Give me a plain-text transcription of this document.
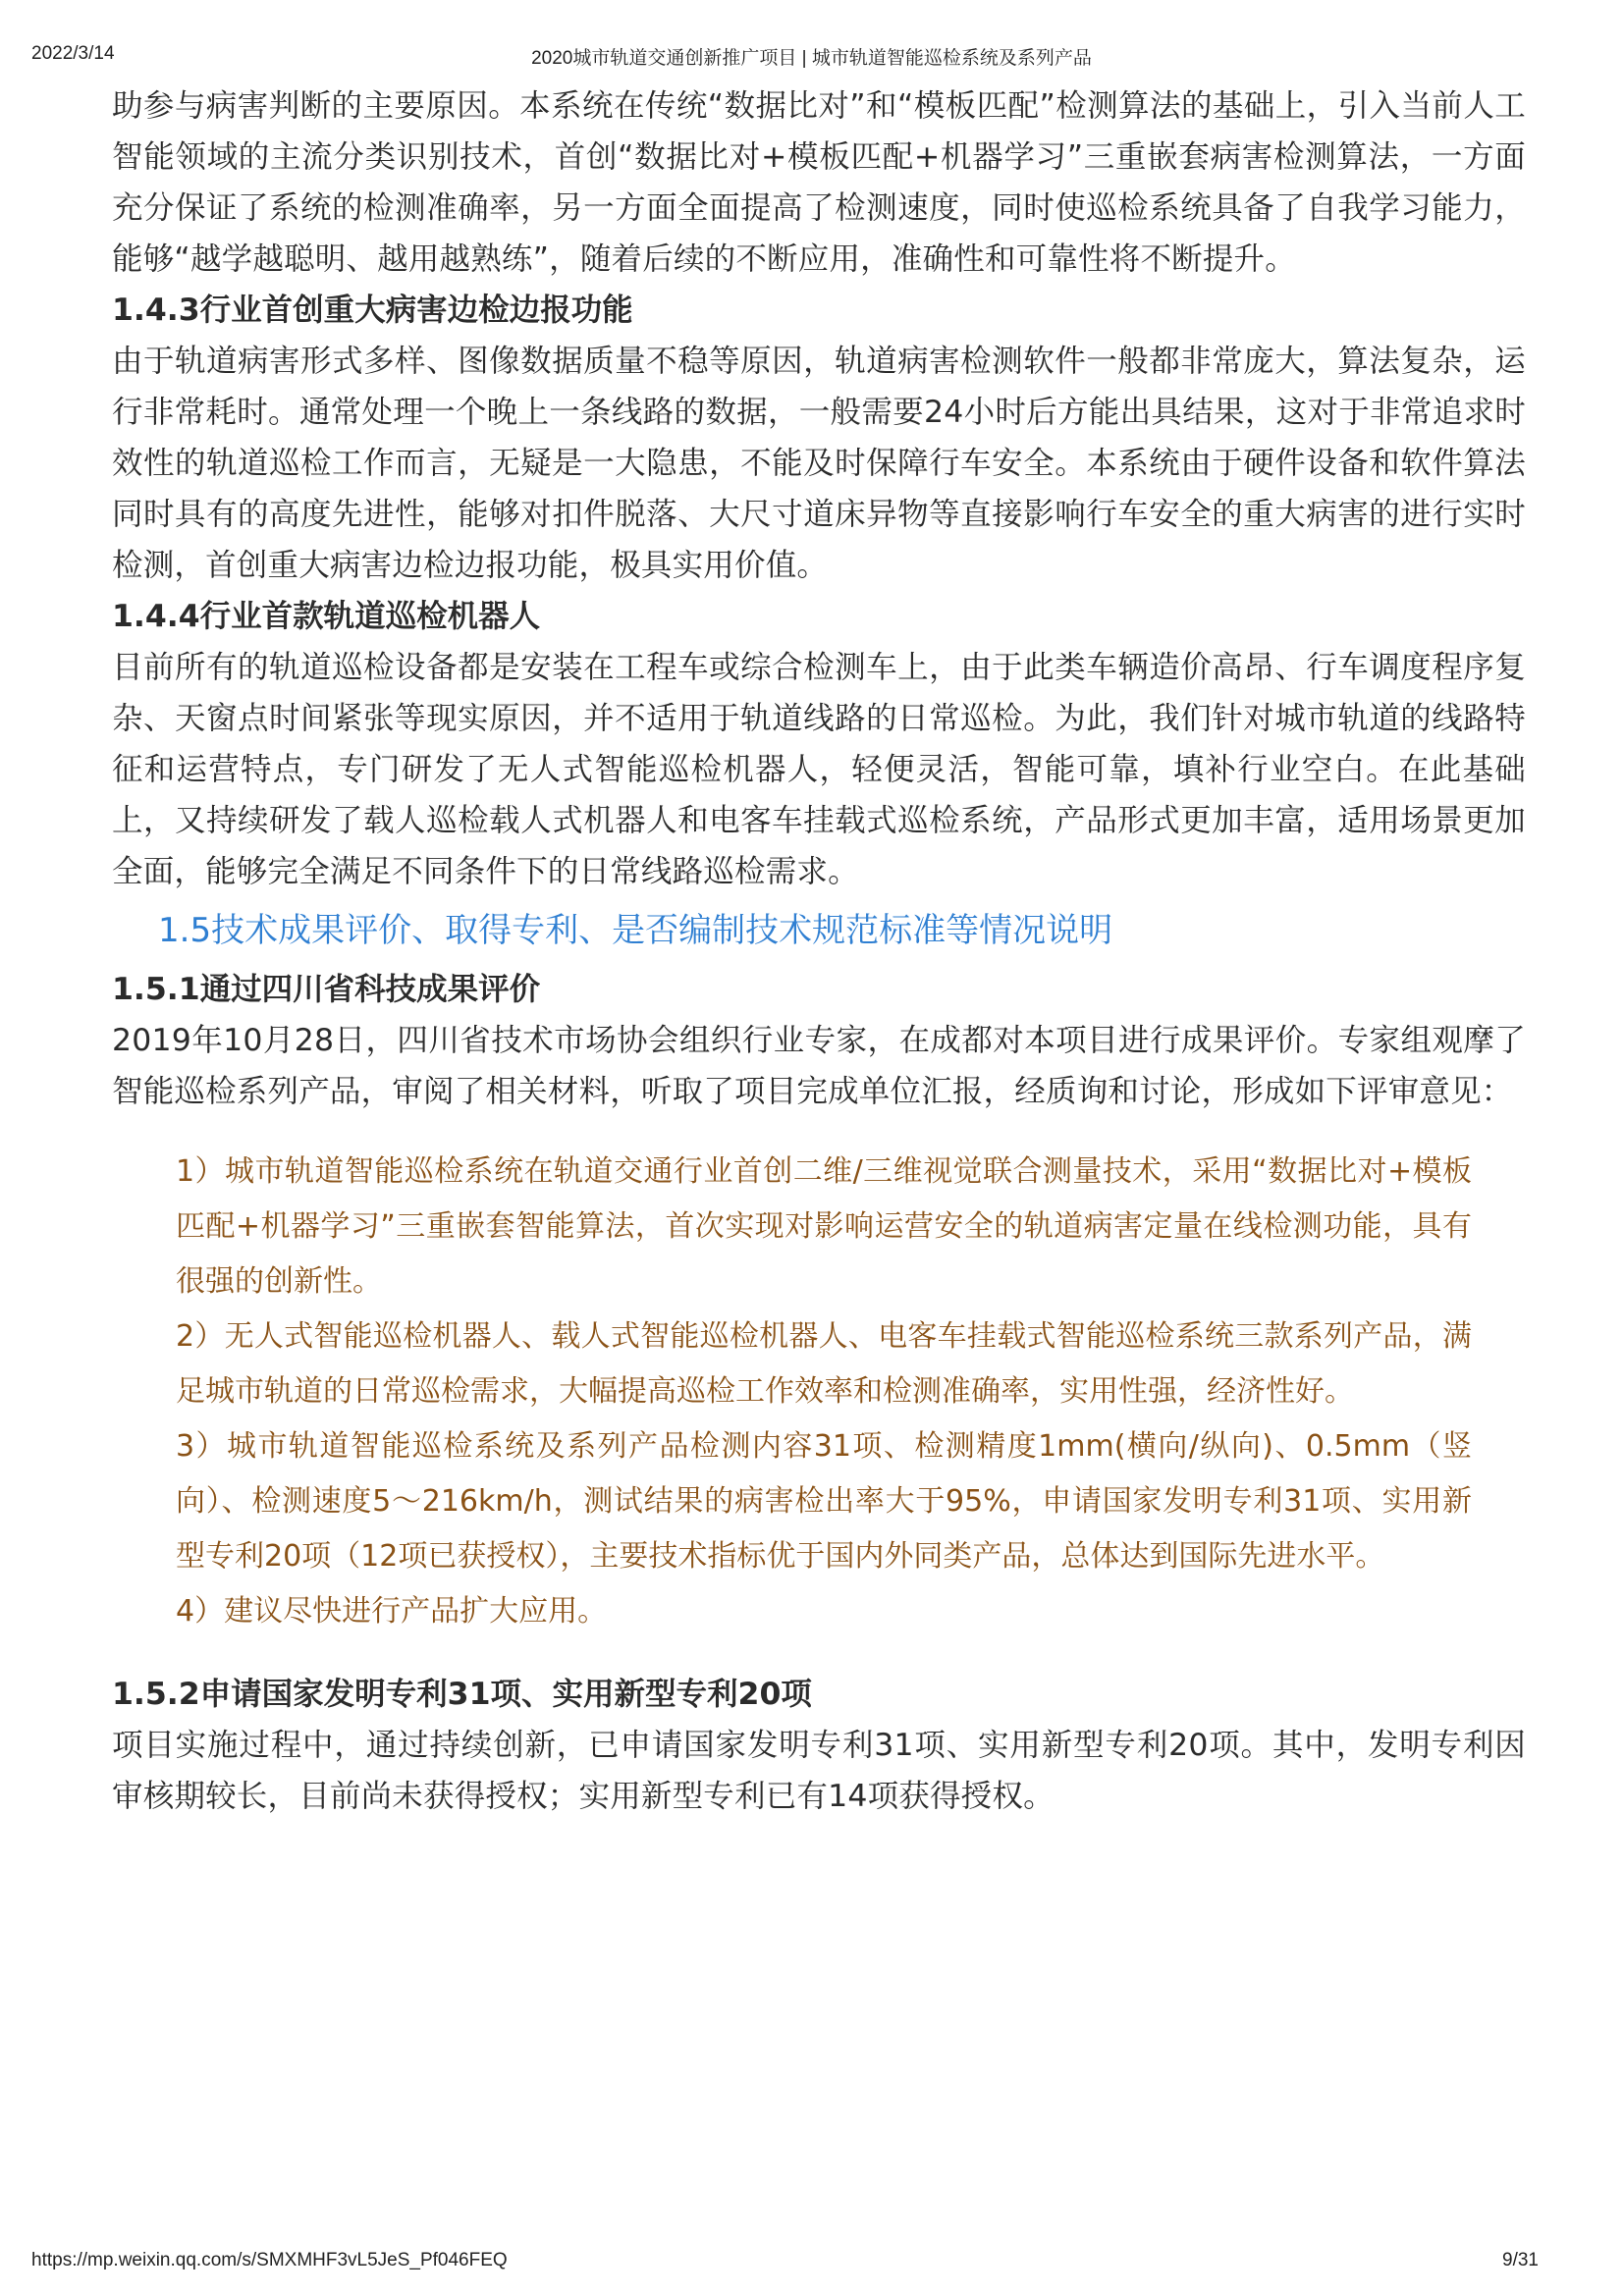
2022/3/14	2020城市轨道交通创新推广项目 | 城市轨道智能巡检系统及系列产品

助参与病害判断的主要原因。本系统在传统“数据比对”和“模板匹配”检测算法的基础上，引入当前人工智能领域的主流分类识别技术，首创“数据比对+模板匹配+机器学习”三重嵌套病害检测算法，一方面充分保证了系统的检测准确率，另一方面全面提高了检测速度，同时使巡检系统具备了自我学习能力，能够“越学越聪明、越用越熟练”，随着后续的不断应用，准确性和可靠性将不断提升。

1.4.3行业首创重大病害边检边报功能

由于轨道病害形式多样、图像数据质量不稳等原因，轨道病害检测软件一般都非常庞大，算法复杂，运行非常耗时。通常处理一个晚上一条线路的数据，一般需要24小时后方能出具结果，这对于非常追求时效性的轨道巡检工作而言，无疑是一大隐患，不能及时保障行车安全。本系统由于硬件设备和软件算法同时具有的高度先进性，能够对扣件脱落、大尺寸道床异物等直接影响行车安全的重大病害的进行实时检测，首创重大病害边检边报功能，极具实用价值。

1.4.4行业首款轨道巡检机器人

目前所有的轨道巡检设备都是安装在工程车或综合检测车上，由于此类车辆造价高昂、行车调度程序复杂、天窗点时间紧张等现实原因，并不适用于轨道线路的日常巡检。为此，我们针对城市轨道的线路特征和运营特点，专门研发了无人式智能巡检机器人，轻便灵活，智能可靠，填补行业空白。在此基础上，又持续研发了载人巡检载人式机器人和电客车挂载式巡检系统，产品形式更加丰富，适用场景更加全面，能够完全满足不同条件下的日常线路巡检需求。

1.5技术成果评价、取得专利、是否编制技术规范标准等情况说明

1.5.1通过四川省科技成果评价

2019年10月28日，四川省技术市场协会组织行业专家，在成都对本项目进行成果评价。专家组观摩了智能巡检系列产品，审阅了相关材料，听取了项目完成单位汇报，经质询和讨论，形成如下评审意见：

1）城市轨道智能巡检系统在轨道交通行业首创二维/三维视觉联合测量技术，采用“数据比对+模板匹配+机器学习”三重嵌套智能算法，首次实现对影响运营安全的轨道病害定量在线检测功能，具有很强的创新性。

2）无人式智能巡检机器人、载人式智能巡检机器人、电客车挂载式智能巡检系统三款系列产品，满足城市轨道的日常巡检需求，大幅提高巡检工作效率和检测准确率，实用性强，经济性好。

3）城市轨道智能巡检系统及系列产品检测内容31项、检测精度1mm(横向/纵向)、0.5mm（竖向）、检测速度5～216km/h，测试结果的病害检出率大于95%，申请国家发明专利31项、实用新型专利20项（12项已获授权），主要技术指标优于国内外同类产品，总体达到国际先进水平。

4）建议尽快进行产品扩大应用。

1.5.2申请国家发明专利31项、实用新型专利20项

项目实施过程中，通过持续创新，已申请国家发明专利31项、实用新型专利20项。其中，发明专利因审核期较长，目前尚未获得授权；实用新型专利已有14项获得授权。

https://mp.weixin.qq.com/s/SMXMHF3vL5JeS_Pf046FEQ	9/31
